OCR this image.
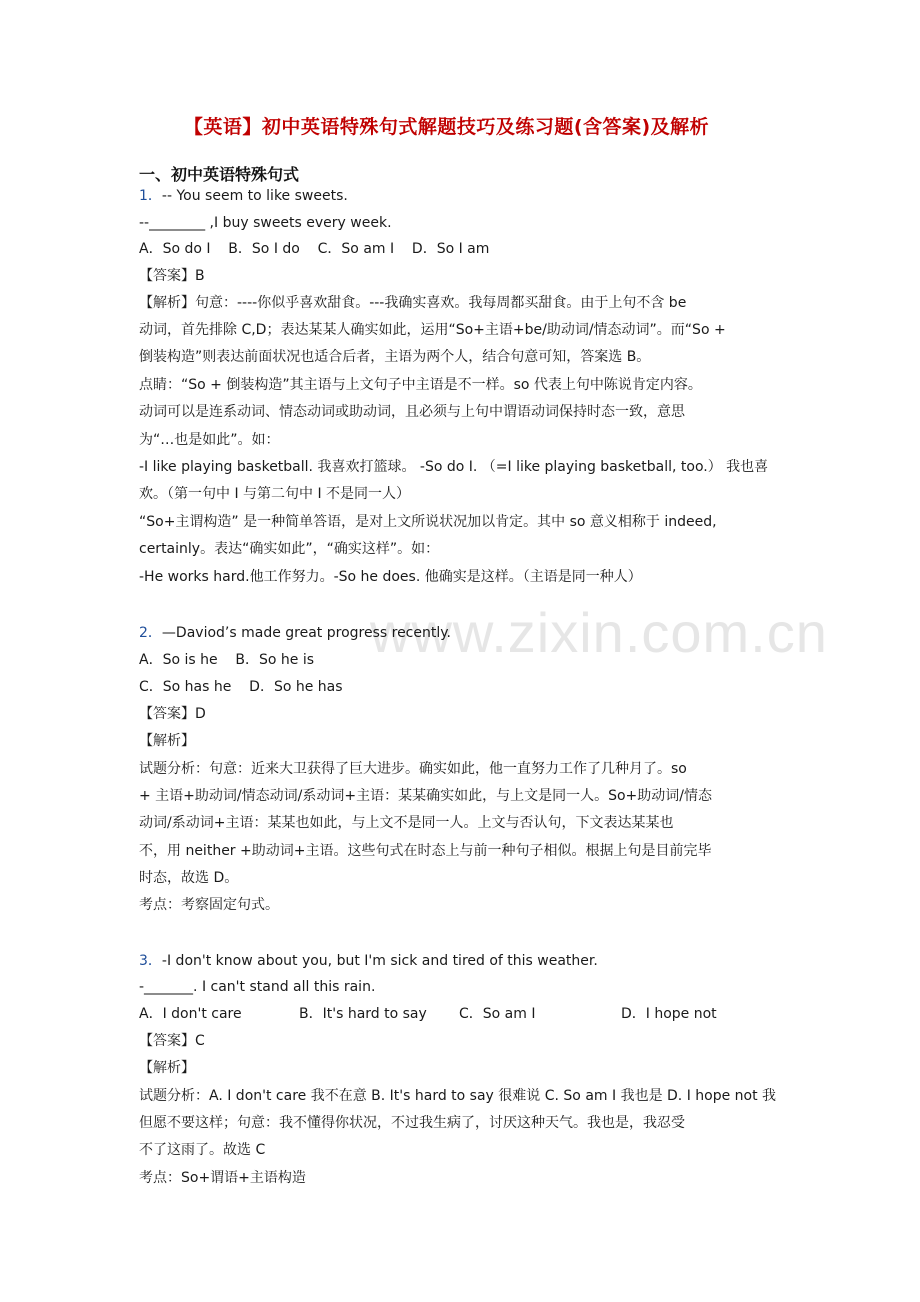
www.zixin.com.cn
【英语】初中英语特殊句式解题技巧及练习题(含答案)及解析
一、初中英语特殊句式
1．-- You seem to like sweets.
--________ ,I buy sweets every week.
A．So do I    B．So I do    C．So am I    D．So I am
【答案】B
【解析】句意：----你似乎喜欢甜食。---我确实喜欢。我每周都买甜食。由于上句不含 be
动词，首先排除 C,D；表达某某人确实如此，运用“So+主语+be/助动词/情态动词”。而“So +
倒装构造”则表达前面状况也适合后者，主语为两个人，结合句意可知，答案选 B。
点睛：“So + 倒装构造”其主语与上文句子中主语是不一样。so 代表上句中陈说肯定内容。
动词可以是连系动词、情态动词或助动词，且必须与上句中谓语动词保持时态一致，意思
为“…也是如此”。如：
-I like playing basketball. 我喜欢打篮球。 -So do I. （=I like playing basketball, too.） 我也喜
欢。（第一句中 I 与第二句中 I 不是同一人）
“So+主谓构造” 是一种简单答语，是对上文所说状况加以肯定。其中 so 意义相称于 indeed,
certainly。表达“确实如此”，“确实这样”。如：
-He works hard.他工作努力。-So he does. 他确实是这样。（主语是同一种人）
2．—Daviod’s made great progress recently.
A．So is he    B．So he is
C．So has he    D．So he has
【答案】D
【解析】
试题分析：句意：近来大卫获得了巨大进步。确实如此，他一直努力工作了几种月了。so
+ 主语+助动词/情态动词/系动词+主语：某某确实如此，与上文是同一人。So+助动词/情态
动词/系动词+主语：某某也如此，与上文不是同一人。上文与否认句，下文表达某某也
不，用 neither +助动词+主语。这些句式在时态上与前一种句子相似。根据上句是目前完毕
时态，故选 D。
考点：考察固定句式。
3．-I don't know about you, but I'm sick and tired of this weather.
-_______. I can't stand all this rain.
A．I don't care	B．It's hard to say C．So am I	D．I hope not
【答案】C
【解析】
试题分析：A. I don't care 我不在意 B. It's hard to say 很难说 C. So am I 我也是 D. I hope not 我
但愿不要这样；句意：我不懂得你状况，不过我生病了，讨厌这种天气。我也是，我忍受
不了这雨了。故选 C
考点：So+谓语+主语构造
